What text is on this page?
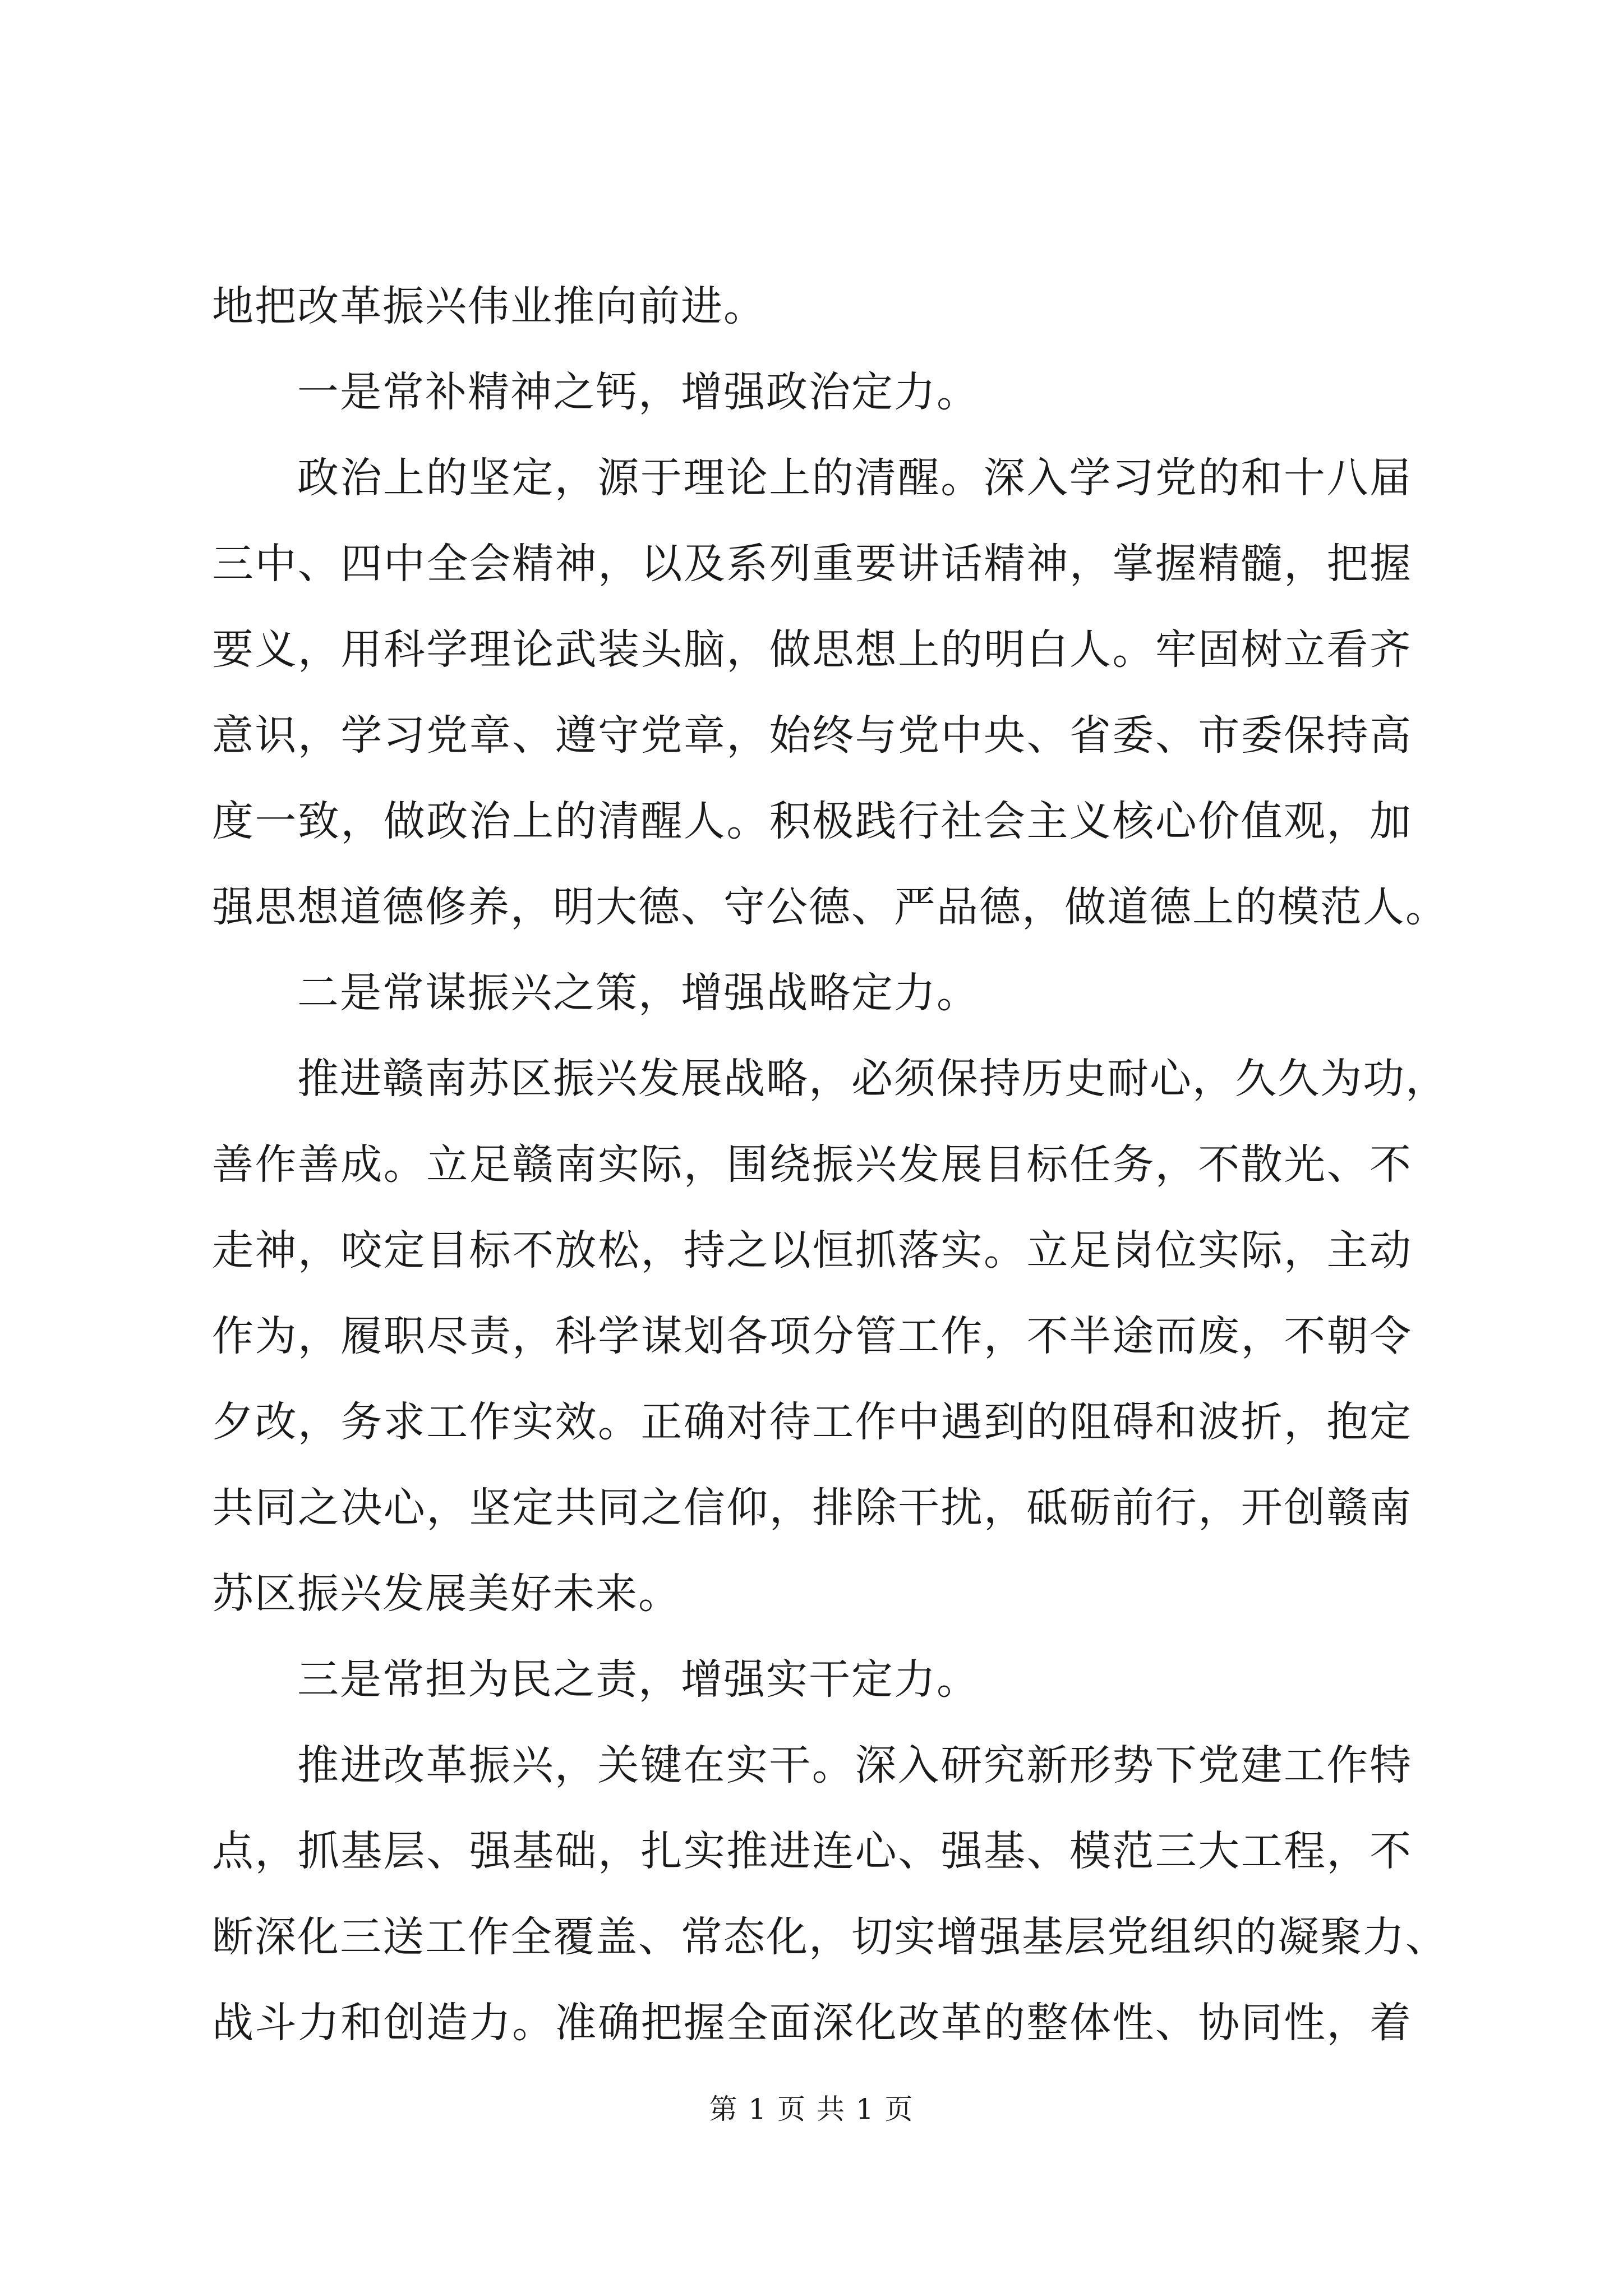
地把改革振兴伟业推向前进。
一是常补精神之钙，增强政治定力。
政治上的坚定，源于理论上的清醒。深入学习党的和十八届
三中、四中全会精神，以及系列重要讲话精神，掌握精髓，把握
要义，用科学理论武装头脑，做思想上的明白人。牢固树立看齐
意识，学习党章、遵守党章，始终与党中央、省委、市委保持高
度一致，做政治上的清醒人。积极践行社会主义核心价值观，加
强思想道德修养，明大德、守公德、严品德，做道德上的模范人。
二是常谋振兴之策，增强战略定力。
推进赣南苏区振兴发展战略，必须保持历史耐心，久久为功，
善作善成。立足赣南实际，围绕振兴发展目标任务，不散光、不
走神，咬定目标不放松，持之以恒抓落实。立足岗位实际，主动
作为，履职尽责，科学谋划各项分管工作，不半途而废，不朝令
夕改，务求工作实效。正确对待工作中遇到的阻碍和波折，抱定
共同之决心，坚定共同之信仰，排除干扰，砥砺前行，开创赣南
苏区振兴发展美好未来。
三是常担为民之责，增强实干定力。
推进改革振兴，关键在实干。深入研究新形势下党建工作特
点，抓基层、强基础，扎实推进连心、强基、模范三大工程，不
断深化三送工作全覆盖、常态化，切实增强基层党组织的凝聚力、
战斗力和创造力。准确把握全面深化改革的整体性、协同性，着
第 1 页 共 1 页
